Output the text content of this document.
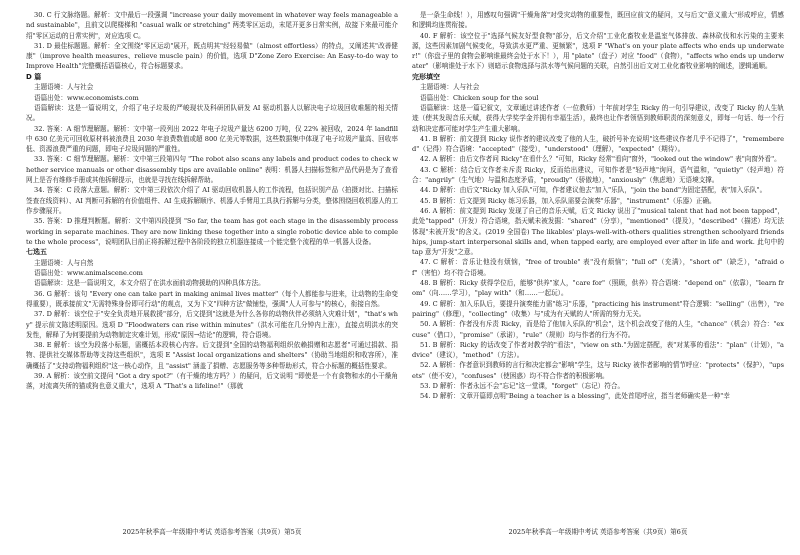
30. C 行文脉络题。解析：文中最后一段强调 "increase your daily movement in whatever way feels manageable and sustainable"，且前文以爬楼梯和 "casual walk or stretching" 两类零区运动，末尾开更多日常实例，故接下来最可能介绍"零区运动的日常实例"，对应选项 C。

31. D 最佳标题题。解析：全文围绕"零区运动"展开，既点明其"经轻易做"（almost effortless）的特点，又阐述其"改善健康"（improve health measures、relieve muscle pain）的价值，选项 D"Zone Zero Exercise: An Easy-to-do way to Improve Health"完整概括语篇核心，符合标题要求。

D 篇

主题语境：人与社会

语篇出处：www.economists.com

语篇解读：这是一篇说明文，介绍了电子垃圾的严峻现状及科研团队研发 AI 驱动机器人以解决电子垃圾回收难题的相关情况。

32. 答案：A 细节理解题。解析：文中第一段列出 2022 年电子垃圾产量达 6200 万吨，仅 22% 被回收，2024 年 landfill 中 630 亿美元可回收原材料被浪费且 2030 年浪费数值或超 800 亿美元等数据，这些数据集中体现了电子垃圾产量高、回收率低、资源浪费严重的问题，即电子垃圾问题的严重性。

33. 答案：C 细节理解题。解析：文中第三段第四句 "The robot also scans any labels and product codes to check whether service manuals or other disassembly tips are available online" 表明：机器人扫描标签和产品代码是为了查看网上是否有维修手册或其他拆解提示，也就是寻找在线拆解帮助。

34. 答案：C 段落大意题。解析：文中第三段依次介绍了 AI 驱动回收机器人的工作流程，包括识别产品（拍摄对比、扫描标签查在线资料）、AI 判断可拆解的有价值组件、AI 生成拆解顺序、机器人手臂用工具执行拆解与分类，整体围绕回收机器人的工作步骤展开。

35. 答案：D 推理判断题。解析：文中第四段提到 "So far, the team has got each stage in the disassembly process working in separate machines. They are now linking these together into a single robotic device able to complete the whole process"，说明团队目前正将拆解过程中各阶段的独立机器连接成一个能完整个流程的单一机器人设备。

七选五

主题语境：人与自然

语篇出处：www.animalscene.com

语篇解读：这是一篇说明文，本文介绍了在洪水面前动物援助的四种具体方法。

36. G 解析：该句 "Every one can take part in making animal lives matter"（每个人都能参与进来，让动物的生命变得重要），既承接前文"无需特殊身份即可行动"的观点，又为下文"四种方法"做铺垫，强调"人人可参与"的核心，衔接自然。

37. D 解析：该空位于"安全负责地开展救援"部分，后文提到"这就是为什么各你的动物伙伴必须纳入灾难计划"，"that's why" 提示前文陈述明原因。选项 D "Floodwaters can rise within minutes"（洪水可能在几分钟内上涨），直接点明洪水的突发性，解释了为何要提前为动物制定灾难计划，形成"原因→结论"的逻辑，符合语境。

38. E 解析：该空为段落小标题，需概括本段核心内容。后文提到"全国的动物福利组织依赖捐赠和志愿者"可通过捐款、捐物、提供社交媒体帮助等支持这些组织"，选项 E "Assist local organizations and shelters"（协助当地组织和收容所），准确概括了"支持动物福利组织"这一核心动作，且 "assist" 涵盖了捐赠、志愿服务等多种帮助形式，符合小标题的概括性要求。

39. A 解析：该空前文提问 "Got a dry spot?"（有干燥的地方吗？）的疑问，后文说明 "即使是一个有食物和水的小干燥角落，对流离失所的猫或狗也意义重大"，选项 A "That's a lifeline!"（那就

是一条生命线！），用感叹句强调"干燥角落"对受灾动物的重要性，既回应前文的疑问，又与后文"意义重大"形成呼应，情感和逻辑均连贯衔接。

40. F 解析：该空位于"选择气候友好型食物"部分，后文介绍"工业化畜牧业是温室气体排放、森林砍伐和水污染的主要来源，这些因素加剧气候变化，导致洪水更严重、更频繁"，选项 F "What's on your plate affects who ends up underwater!"（你盘子里的食物会影响谁最终会处于水下！），用 "plate"（盘子）对应 "food"（食物），"affects who ends up underwater"（影响谁处于水下）则暗示食物选择与洪水等气候问题的关联，自然引出后文对工业化畜牧业影响的阐述，逻辑通顺。

完形填空

主题语境：人与社会

语篇出处：Chicken soup for the soul

语篇解读：这是一篇记叙文，文章通过讲述作者（一位教师）十年前对学生 Ricky 的一句引导建议，改变了 Ricky 的人生轨迹（使其发现音乐天赋，获得大学奖学金并拥有幸福生活），最终也让作者领悟到教师职责的深刻意义，即每一句话、每一个行动和决定都可能对学生产生重大影响。

41. B 解析：前文提到 Ricky 说作者的建议改变了他的人生，破折号补充说明"这些建议作者几乎不记得了"，"remembered"（记得）符合语境："accepted"（接受），"understood"（理解），"expected"（期待）。

42. A 解析：由后文作者问 Ricky"在看什么？"可知，Ricky 经常"看向"窗外，"looked out the window" 表"向窗外看"。

43. C 解析：结合后文作者未斥责 Ricky，反而给出建议，可知作者是"轻声地"询问，语气温和，"quietly"（轻声地）符合："angrily"（生气地）与温和态度矛盾，"proudly"（骄傲地），"anxiously"（焦虑地）无语境支撑。

44. D 解析：由后文"Ricky 加入乐队"可知，作者建议他去"加入"乐队，"join the band"为固定搭配，表"加入乐队"。

45. B 解析：后文提到 Ricky 练习乐器，加入乐队需要会演奏"乐器"，"instrument"（乐器）正确。

46. A 解析：前文提到 Ricky 发现了自己的音乐天赋，后文 Ricky 说出了"musical talent that had not been tapped"，此处"tapped"（开发）符合语境，指天赋未被发掘："shared"（分享），"mentioned"（提及），"described"（描述）均无法体现"未被开发"的含义。(2019 全国卷) The likables' plays-well-with-others qualities strengthen schoolyard friendships, jump-start interpersonal skills and, when tapped early, are employed ever after in life and work. 此句中的 tap 意为"开发"之意。

47. C 解析：音乐让他没有烦恼，"free of trouble" 表"没有烦恼"；"full of"（充满），"short of"（缺乏），"afraid of"（害怕）均不符合语境。

48. B 解析：Ricky 获得学位后，能够"供养"家人，"care for"（照顾，供养）符合语境："depend on"（依靠），"learn from"（向……学习），"play with"（和……一起玩）。

49. C 解析：加入乐队后，要提升演奏能力需"练习"乐器，"practicing his instrument"符合逻辑："selling"（出售），"repairing"（修理），"collecting"（收集）与"成为有天赋的人"所需的努力无关。

50. A 解析：作者没有斥责 Ricky，而是给了他加入乐队的"机会"，这个机会改变了他的人生，"chance"（机会）符合："excuse"（借口），"promise"（承诺），"rule"（规则）均与作者的行为不符。

51. B 解析：Ricky 的话改变了作者对教学的"看法"，"view on sth."为固定搭配，表"对某事的看法"："plan"（计划），"advice"（建议），"method"（方法）。

52. A 解析：作者意识到教师的言行和决定都会"影响"学生，这与 Ricky 被作者影响的情节呼应："protects"（保护），"upsets"（使不安），"confuses"（使困惑）均不符合作者的积极影响。

53. D 解析：作者永远不会"忘记"这一堂课，"forget"（忘记）符合。

54. D 解析：文章开篇即点明"Being a teacher is a blessing"，此处首尾呼应，指当老师确实是一种"幸

2025年秋季高一年级期中考试 英语参考答案（共9页）第5页	2025年秋季高一年级期中考试 英语参考答案（共9页）第6页
